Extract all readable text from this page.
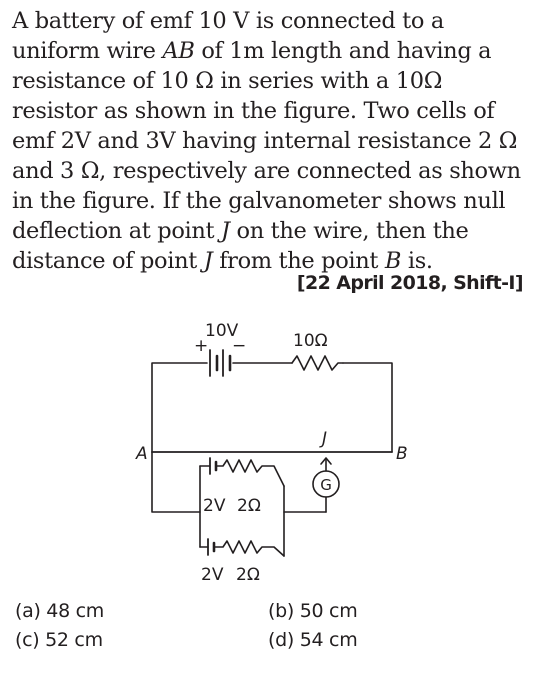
A battery of emf 10 V is connected to a
uniform wire AB of 1m length and having a
resistance of 10 Ω in series with a 10Ω
resistor as shown in the figure. Two cells of
emf 2V and 3V having internal resistance 2 Ω
and 3 Ω, respectively are connected as shown
in the figure. If the galvanometer shows null
deflection at point J on the wire, then the
distance of point J from the point B is.
[22 April 2018, Shift-I]
10V
+ −	10Ω
A	B
J
G
2V 2Ω
2V 2Ω
(a) 48 cm	(b) 50 cm
(c) 52 cm	(d) 54 cm
